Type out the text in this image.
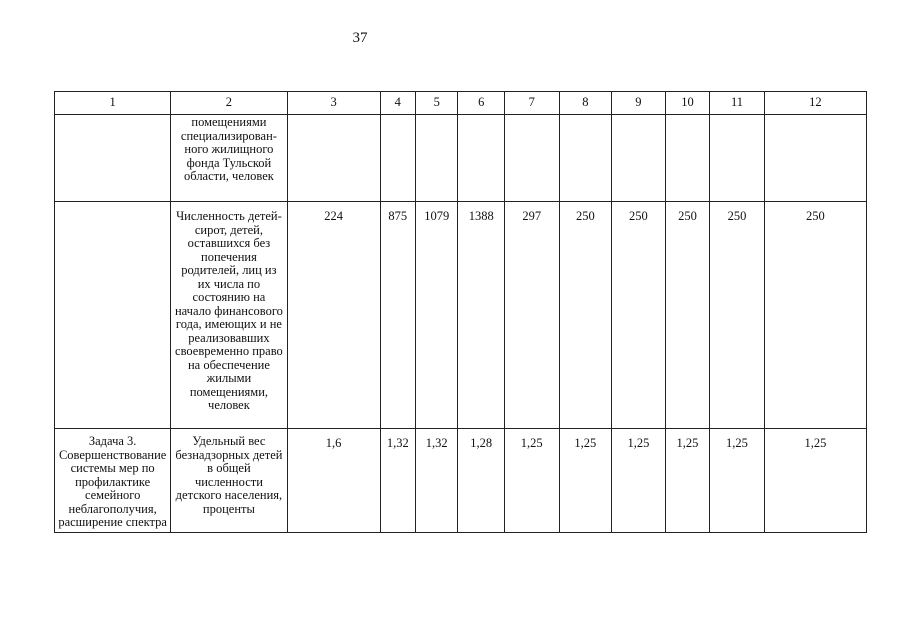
37
1	2	3	4	5	6	7	8	9	10	11	12

	помещениями специализирован-ного жилищного фонда Тульской области, человек										

	Численность детей-сирот, детей, оставшихся без попечения родителей, лиц из их числа по состоянию на начало финансового года, имеющих и не реализовавших своевременно право на обеспечение жилыми помещениями, человек	224	875	1079	1388	297	250	250	250	250	250

Задача 3. Совершенствование системы мер по профилактике семейного неблагополучия, расширение спектра	Удельный вес безнадзорных детей в общей численности детского населения, проценты	1,6	1,32	1,32	1,28	1,25	1,25	1,25	1,25	1,25	1,25
